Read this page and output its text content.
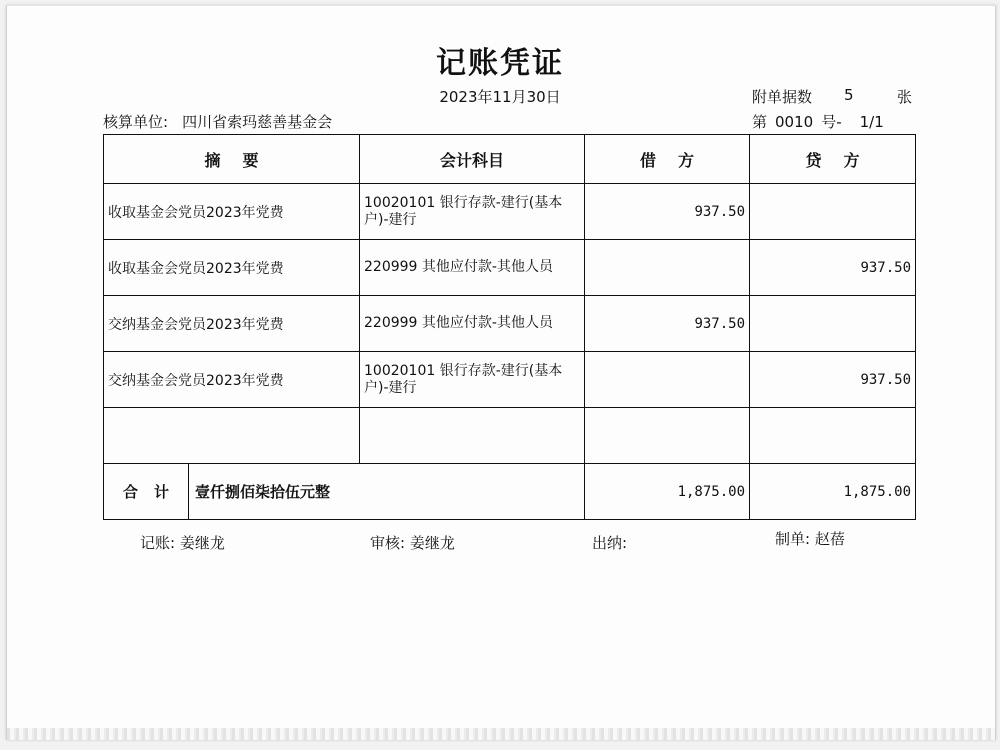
记账凭证
2023年11月30日	附单据数 5	张
核算单位: 四川省索玛慈善基金会	第 0010 号- 1/1
摘要		会计科目	借方	贷方
收取基金会党员2023年党费		10020101 银行存款-建行(基本户)-建行	937.50	
收取基金会党员2023年党费		220999 其他应付款-其他人员		937.50
交纳基金会党员2023年党费		220999 其他应付款-其他人员	937.50	
交纳基金会党员2023年党费		10020101 银行存款-建行(基本户)-建行		937.50

合计	壹仟捌佰柒拾伍元整		1,875.00	1,875.00
记账: 姜继龙	审核: 姜继龙	出纳:	制单: 赵蓓
